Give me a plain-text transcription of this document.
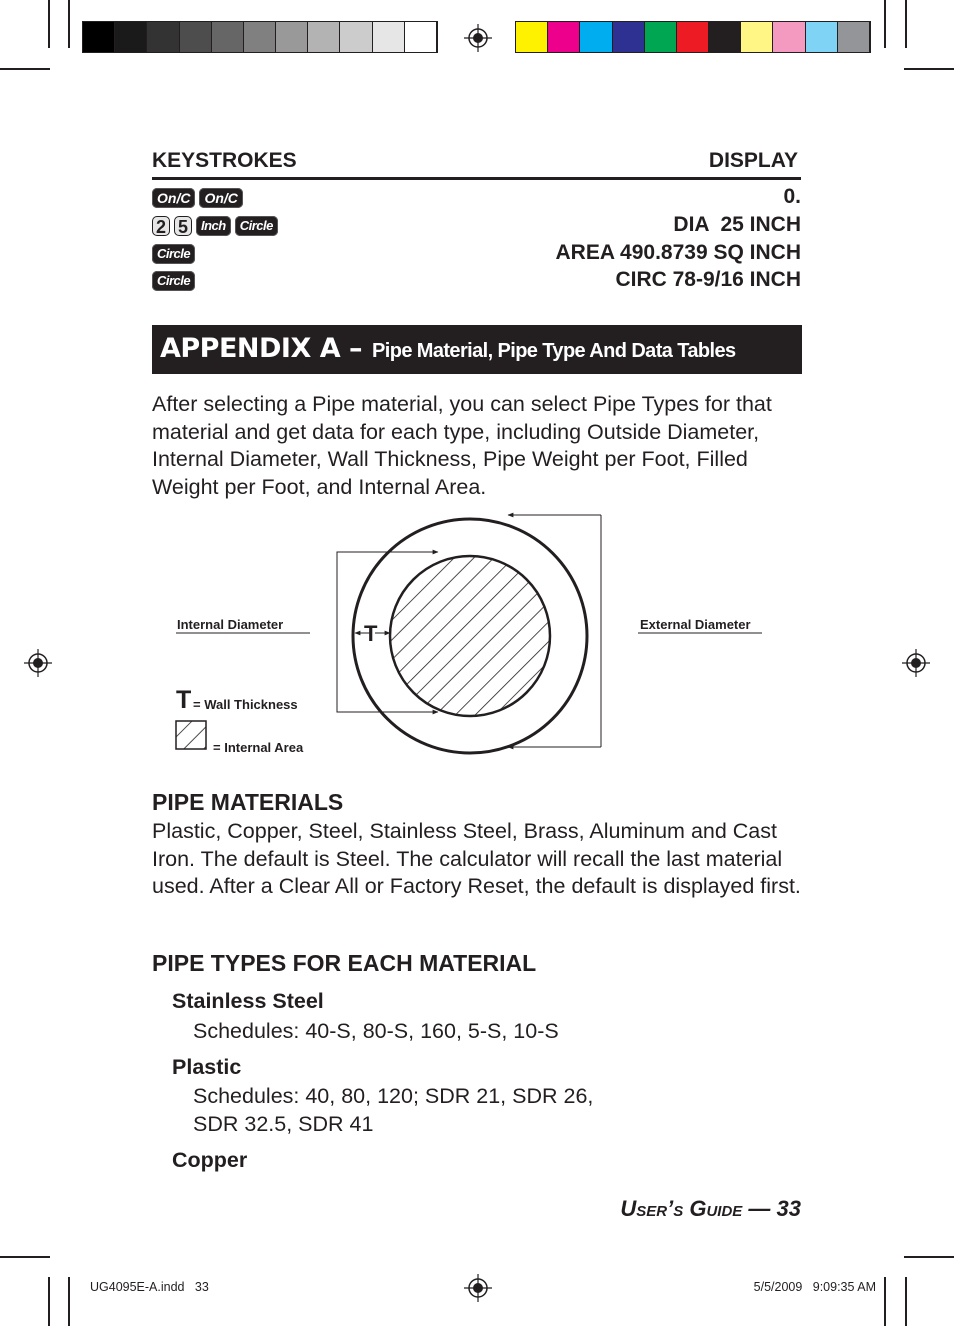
KEYSTROKES	DISPLAY
On/C	On/C	0.
2 5	Inch	Circle	DIA  25 INCH
Circle	AREA 490.8739 SQ INCH
Circle	CIRC 78-9/16 INCH
APPENDIX A – Pipe Material, Pipe Type And Data Tables
After selecting a Pipe material, you can select Pipe Types for that material and get data for each type, including Outside Diameter, Internal Diameter, Wall Thickness, Pipe Weight per Foot, Filled Weight per Foot, and Internal Area.
T
Internal Diameter	External Diameter
T = Wall Thickness
= Internal Area
PIPE MATERIALS
Plastic, Copper, Steel, Stainless Steel, Brass, Aluminum and Cast Iron. The default is Steel. The calculator will recall the last material used. After a Clear All or Factory Reset, the default is displayed first.
PIPE TYPES FOR EACH MATERIAL
Stainless Steel
Schedules: 40-S, 80-S, 160, 5-S, 10-S
Plastic
Schedules: 40, 80, 120; SDR 21, SDR 26,
SDR 32.5, SDR 41
Copper
User’s Guide — 33
UG4095E-A.indd   33	5/5/2009   9:09:35 AM
